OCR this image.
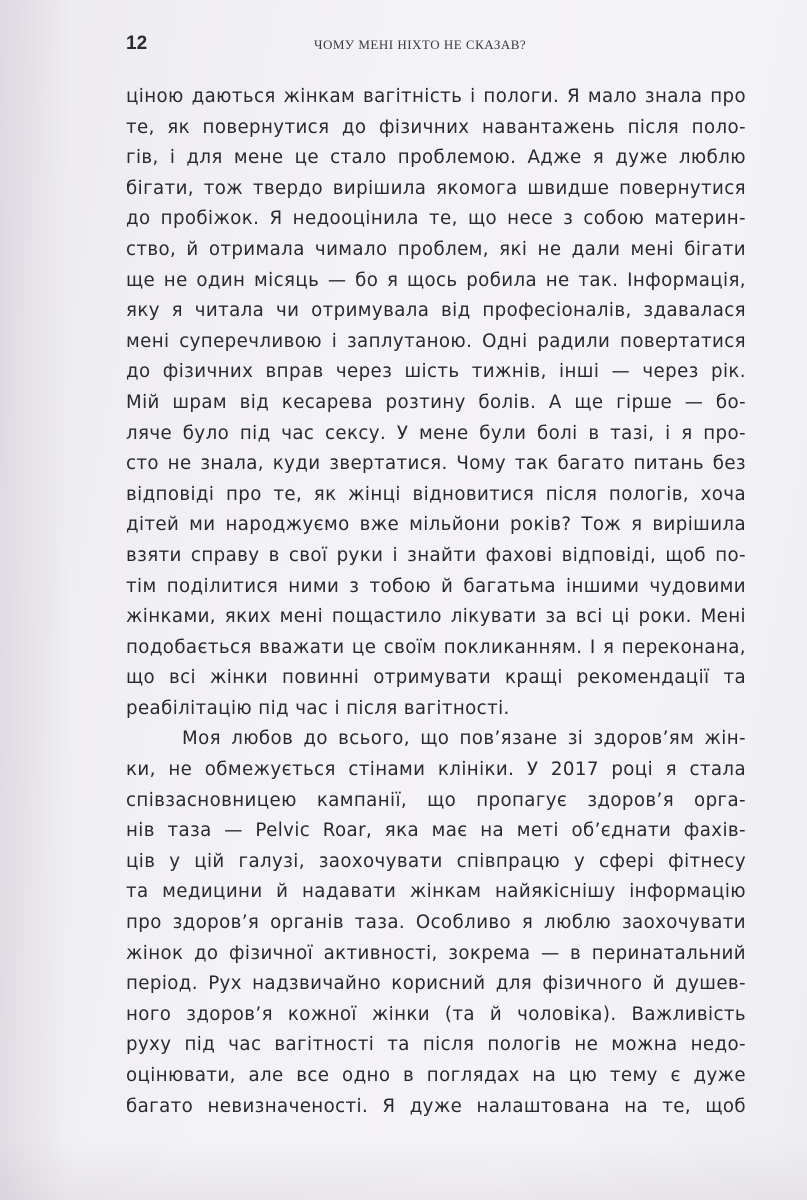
12	ЧОМУ МЕНІ НІХТО НЕ СКАЗАВ?
ціною даються жінкам вагітність і пологи. Я мало знала про
те, як повернутися до фізичних навантажень після поло-
гів, і для мене це стало проблемою. Адже я дуже люблю
бігати, тож твердо вирішила якомога швидше повернутися
до пробіжок. Я недооцінила те, що несе з собою материн-
ство, й отримала чимало проблем, які не дали мені бігати
ще не один місяць — бо я щось робила не так. Інформація,
яку я читала чи отримувала від професіоналів, здавалася
мені суперечливою і заплутаною. Одні радили повертатися
до фізичних вправ через шість тижнів, інші — через рік.
Мій шрам від кесарева розтину болів. А ще гірше — бо-
ляче було під час сексу. У мене були болі в тазі, і я про-
сто не знала, куди звертатися. Чому так багато питань без
відповіді про те, як жінці відновитися після пологів, хоча
дітей ми народжуємо вже мільйони років? Тож я вирішила
взяти справу в свої руки і знайти фахові відповіді, щоб по-
тім поділитися ними з тобою й багатьма іншими чудовими
жінками, яких мені пощастило лікувати за всі ці роки. Мені
подобається вважати це своїм покликанням. І я переконана,
що всі жінки повинні отримувати кращі рекомендації та
реабілітацію під час і після вагітності.
Моя любов до всього, що пов’язане зі здоров’ям жін-
ки, не обмежується стінами клініки. У 2017 році я стала
співзасновницею кампанії, що пропагує здоров’я орга-
нів таза — Pelvic Roar, яка має на меті об’єднати фахів-
ців у цій галузі, заохочувати співпрацю у сфері фітнесу
та медицини й надавати жінкам найякіснішу інформацію
про здоров’я органів таза. Особливо я люблю заохочувати
жінок до фізичної активності, зокрема — в перинатальний
період. Рух надзвичайно корисний для фізичного й душев-
ного здоров’я кожної жінки (та й чоловіка). Важливість
руху під час вагітності та після пологів не можна недо-
оцінювати, але все одно в поглядах на цю тему є дуже
багато невизначеності. Я дуже налаштована на те, щоб
